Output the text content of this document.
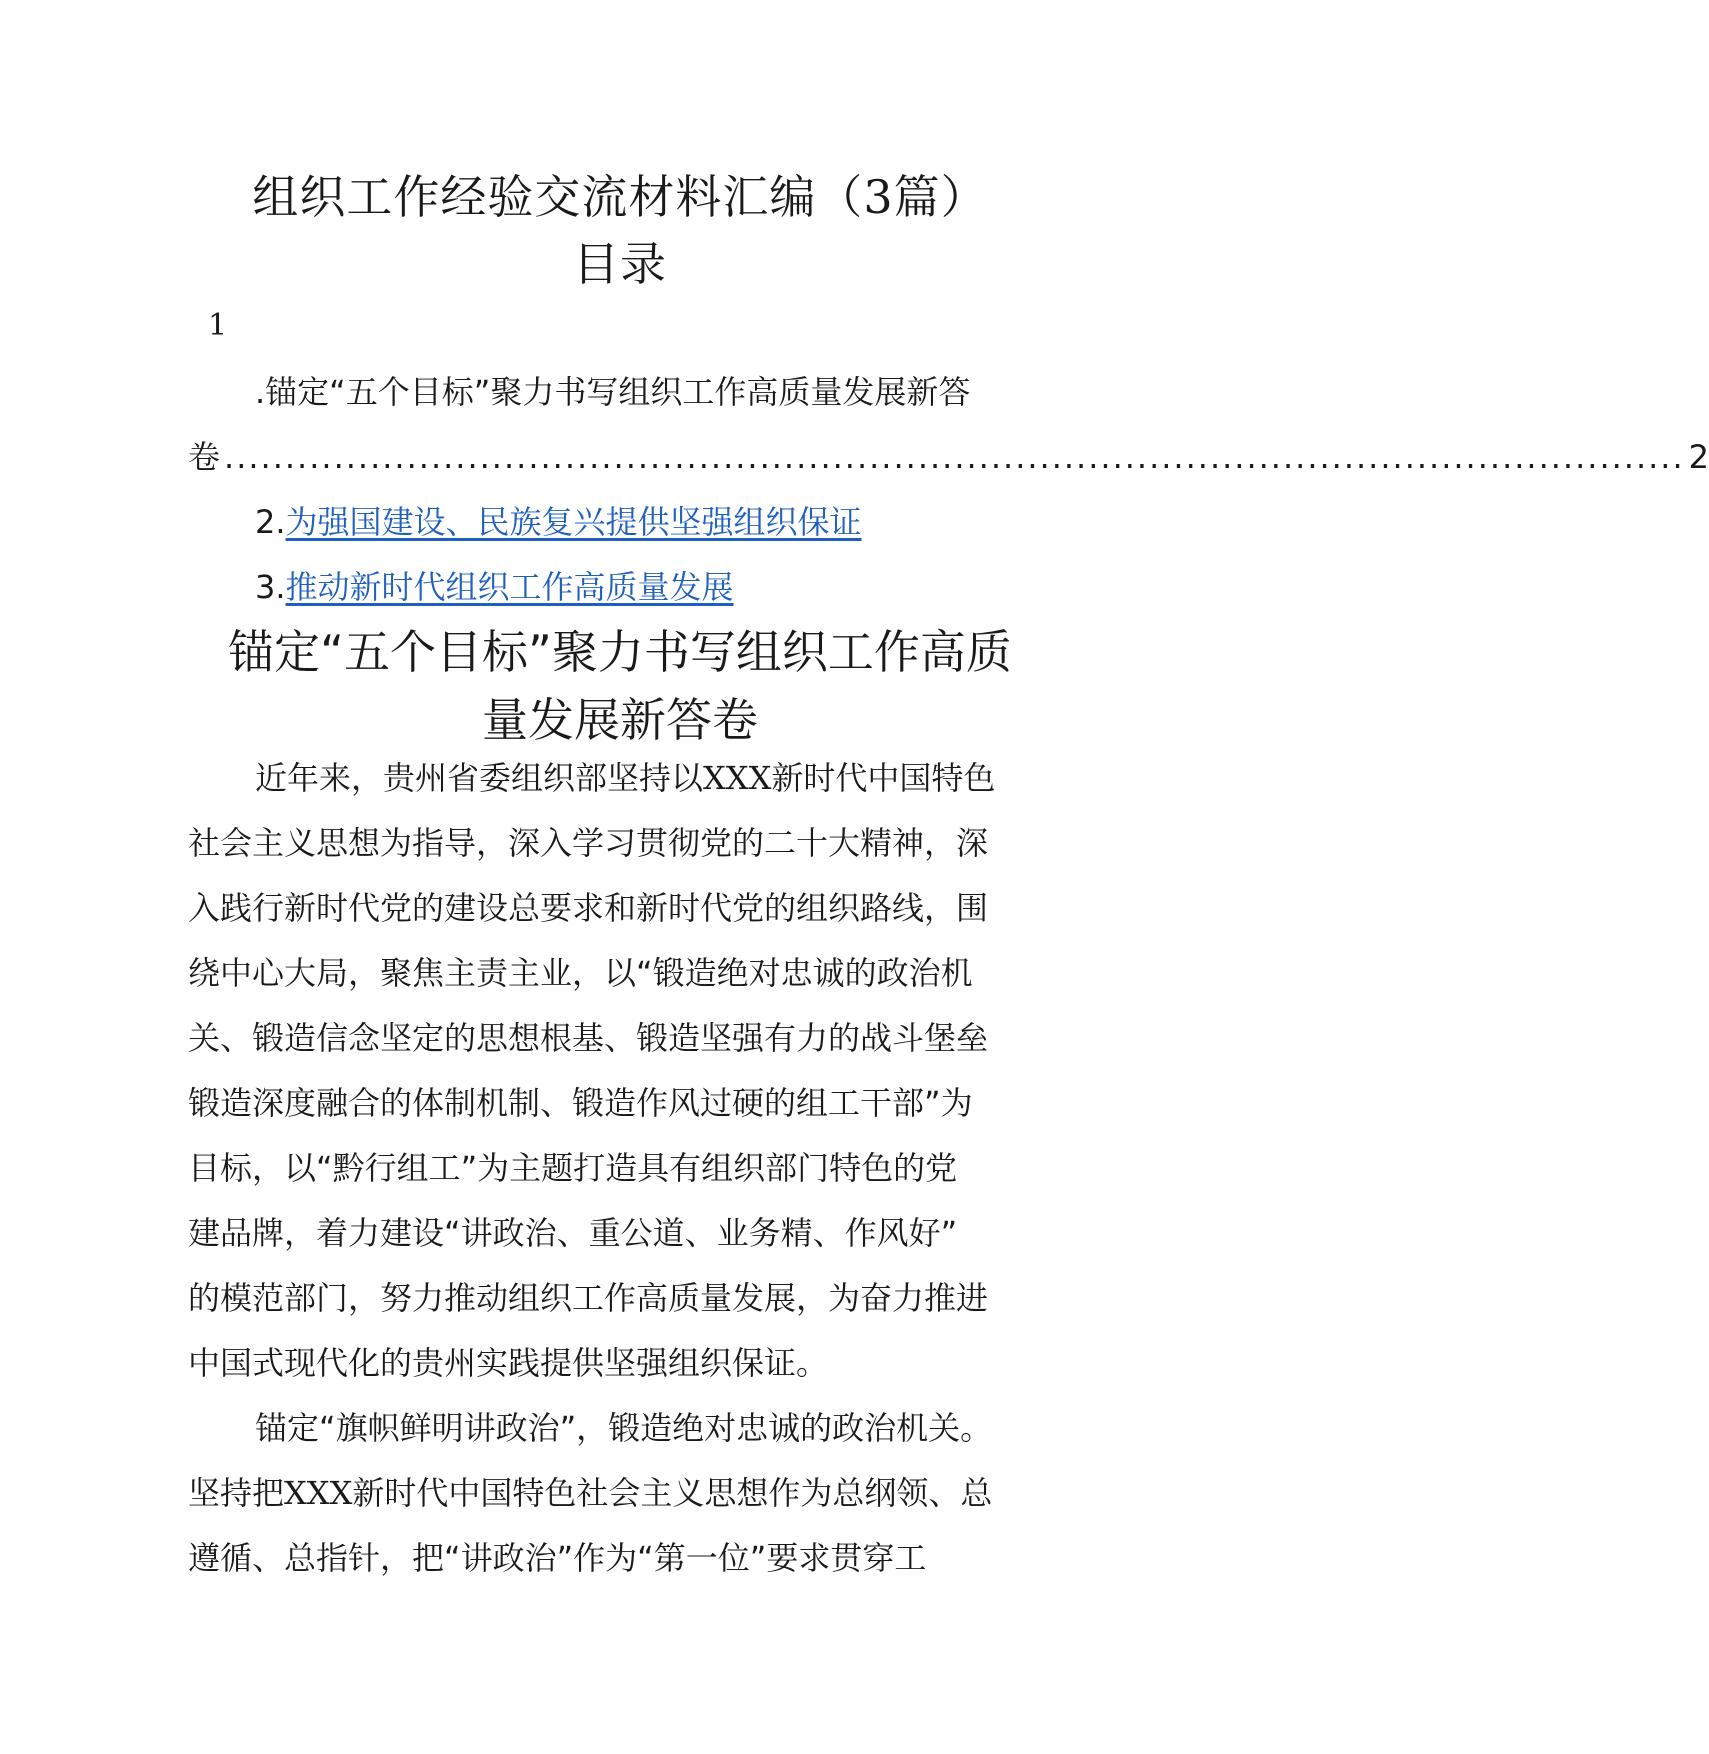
组织工作经验交流材料汇编（3篇）
目录
1
.锚定“五个目标”聚力书写组织工作高质量发展新答
卷 ........................................................................................................................ 2
2.为强国建设、民族复兴提供坚强组织保证
3.推动新时代组织工作高质量发展
锚定“五个目标”聚力书写组织工作高质
量发展新答卷
近年来，贵州省委组织部坚持以XXX新时代中国特色
社会主义思想为指导，深入学习贯彻党的二十大精神，深
入践行新时代党的建设总要求和新时代党的组织路线，围
绕中心大局，聚焦主责主业，以“锻造绝对忠诚的政治机
关、锻造信念坚定的思想根基、锻造坚强有力的战斗堡垒
锻造深度融合的体制机制、锻造作风过硬的组工干部”为
目标，以“黔行组工”为主题打造具有组织部门特色的党
建品牌，着力建设“讲政治、重公道、业务精、作风好”
的模范部门，努力推动组织工作高质量发展，为奋力推进
中国式现代化的贵州实践提供坚强组织保证。
锚定“旗帜鲜明讲政治”，锻造绝对忠诚的政治机关。
坚持把XXX新时代中国特色社会主义思想作为总纲领、总
遵循、总指针，把“讲政治”作为“第一位”要求贯穿工
